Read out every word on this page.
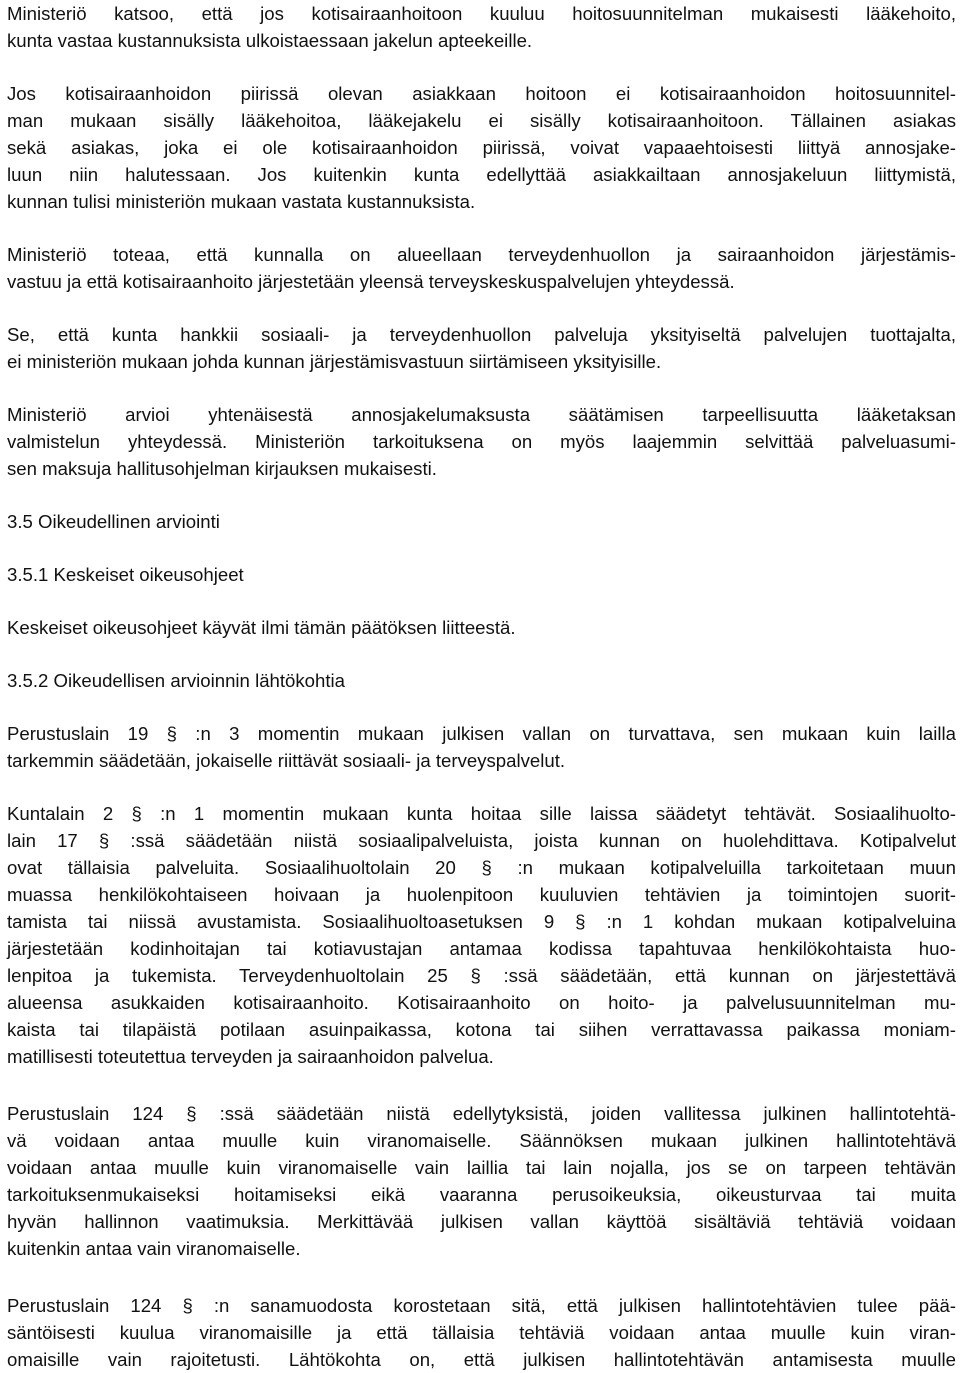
Ministeriö katsoo, että jos kotisairaanhoitoon kuuluu hoitosuunnitelman mukaisesti lääkehoito,
kunta vastaa kustannuksista ulkoistaessaan jakelun apteekeille.
Jos kotisairaanhoidon piirissä olevan asiakkaan hoitoon ei kotisairaanhoidon hoitosuunnitel-
man mukaan sisälly lääkehoitoa, lääkejakelu ei sisälly kotisairaanhoitoon. Tällainen asiakas
sekä asiakas, joka ei ole kotisairaanhoidon piirissä, voivat vapaaehtoisesti liittyä annosjake-
luun niin halutessaan. Jos kuitenkin kunta edellyttää asiakkailtaan annosjakeluun liittymistä,
kunnan tulisi ministeriön mukaan vastata kustannuksista.
Ministeriö toteaa, että kunnalla on alueellaan terveydenhuollon ja sairaanhoidon järjestämis-
vastuu ja että kotisairaanhoito järjestetään yleensä terveyskeskuspalvelujen yhteydessä.
Se, että kunta hankkii sosiaali- ja terveydenhuollon palveluja yksityiseltä palvelujen tuottajalta,
ei ministeriön mukaan johda kunnan järjestämisvastuun siirtämiseen yksityisille.
Ministeriö arvioi yhtenäisestä annosjakelumaksusta säätämisen tarpeellisuutta lääketaksan
valmistelun yhteydessä. Ministeriön tarkoituksena on myös laajemmin selvittää palveluasumi-
sen maksuja hallitusohjelman kirjauksen mukaisesti.
3.5 Oikeudellinen arviointi
3.5.1 Keskeiset oikeusohjeet
Keskeiset oikeusohjeet käyvät ilmi tämän päätöksen liitteestä.
3.5.2 Oikeudellisen arvioinnin lähtökohtia
Perustuslain 19 § :n 3 momentin mukaan julkisen vallan on turvattava, sen mukaan kuin lailla
tarkemmin säädetään, jokaiselle riittävät sosiaali- ja terveyspalvelut.
Kuntalain 2 § :n 1 momentin mukaan kunta hoitaa sille laissa säädetyt tehtävät. Sosiaalihuolto-
lain 17 § :ssä säädetään niistä sosiaalipalveluista, joista kunnan on huolehdittava. Kotipalvelut
ovat tällaisia palveluita. Sosiaalihuoltolain 20 § :n mukaan kotipalveluilla tarkoitetaan muun
muassa henkilökohtaiseen hoivaan ja huolenpitoon kuuluvien tehtävien ja toimintojen suorit-
tamista tai niissä avustamista. Sosiaalihuoltoasetuksen 9 § :n 1 kohdan mukaan kotipalveluina
järjestetään kodinhoitajan tai kotiavustajan antamaa kodissa tapahtuvaa henkilökohtaista huo-
lenpitoa ja tukemista. Terveydenhuoltolain 25 § :ssä säädetään, että kunnan on järjestettävä
alueensa asukkaiden kotisairaanhoito. Kotisairaanhoito on hoito- ja palvelusuunnitelman mu-
kaista tai tilapäistä potilaan asuinpaikassa, kotona tai siihen verrattavassa paikassa moniam-
matillisesti toteutettua terveyden ja sairaanhoidon palvelua.
Perustuslain 124 § :ssä säädetään niistä edellytyksistä, joiden vallitessa julkinen hallintotehtä-
vä voidaan antaa muulle kuin viranomaiselle. Säännöksen mukaan julkinen hallintotehtävä
voidaan antaa muulle kuin viranomaiselle vain laillia tai lain nojalla, jos se on tarpeen tehtävän
tarkoituksenmukaiseksi hoitamiseksi eikä vaaranna perusoikeuksia, oikeusturvaa tai muita
hyvän hallinnon vaatimuksia. Merkittävää julkisen vallan käyttöä sisältäviä tehtäviä voidaan
kuitenkin antaa vain viranomaiselle.
Perustuslain 124 § :n sanamuodosta korostetaan sitä, että julkisen hallintotehtävien tulee pää-
säntöisesti kuulua viranomaisille ja että tällaisia tehtäviä voidaan antaa muulle kuin viran-
omaisille vain rajoitetusti. Lähtökohta on, että julkisen hallintotehtävän antamisesta muulle
